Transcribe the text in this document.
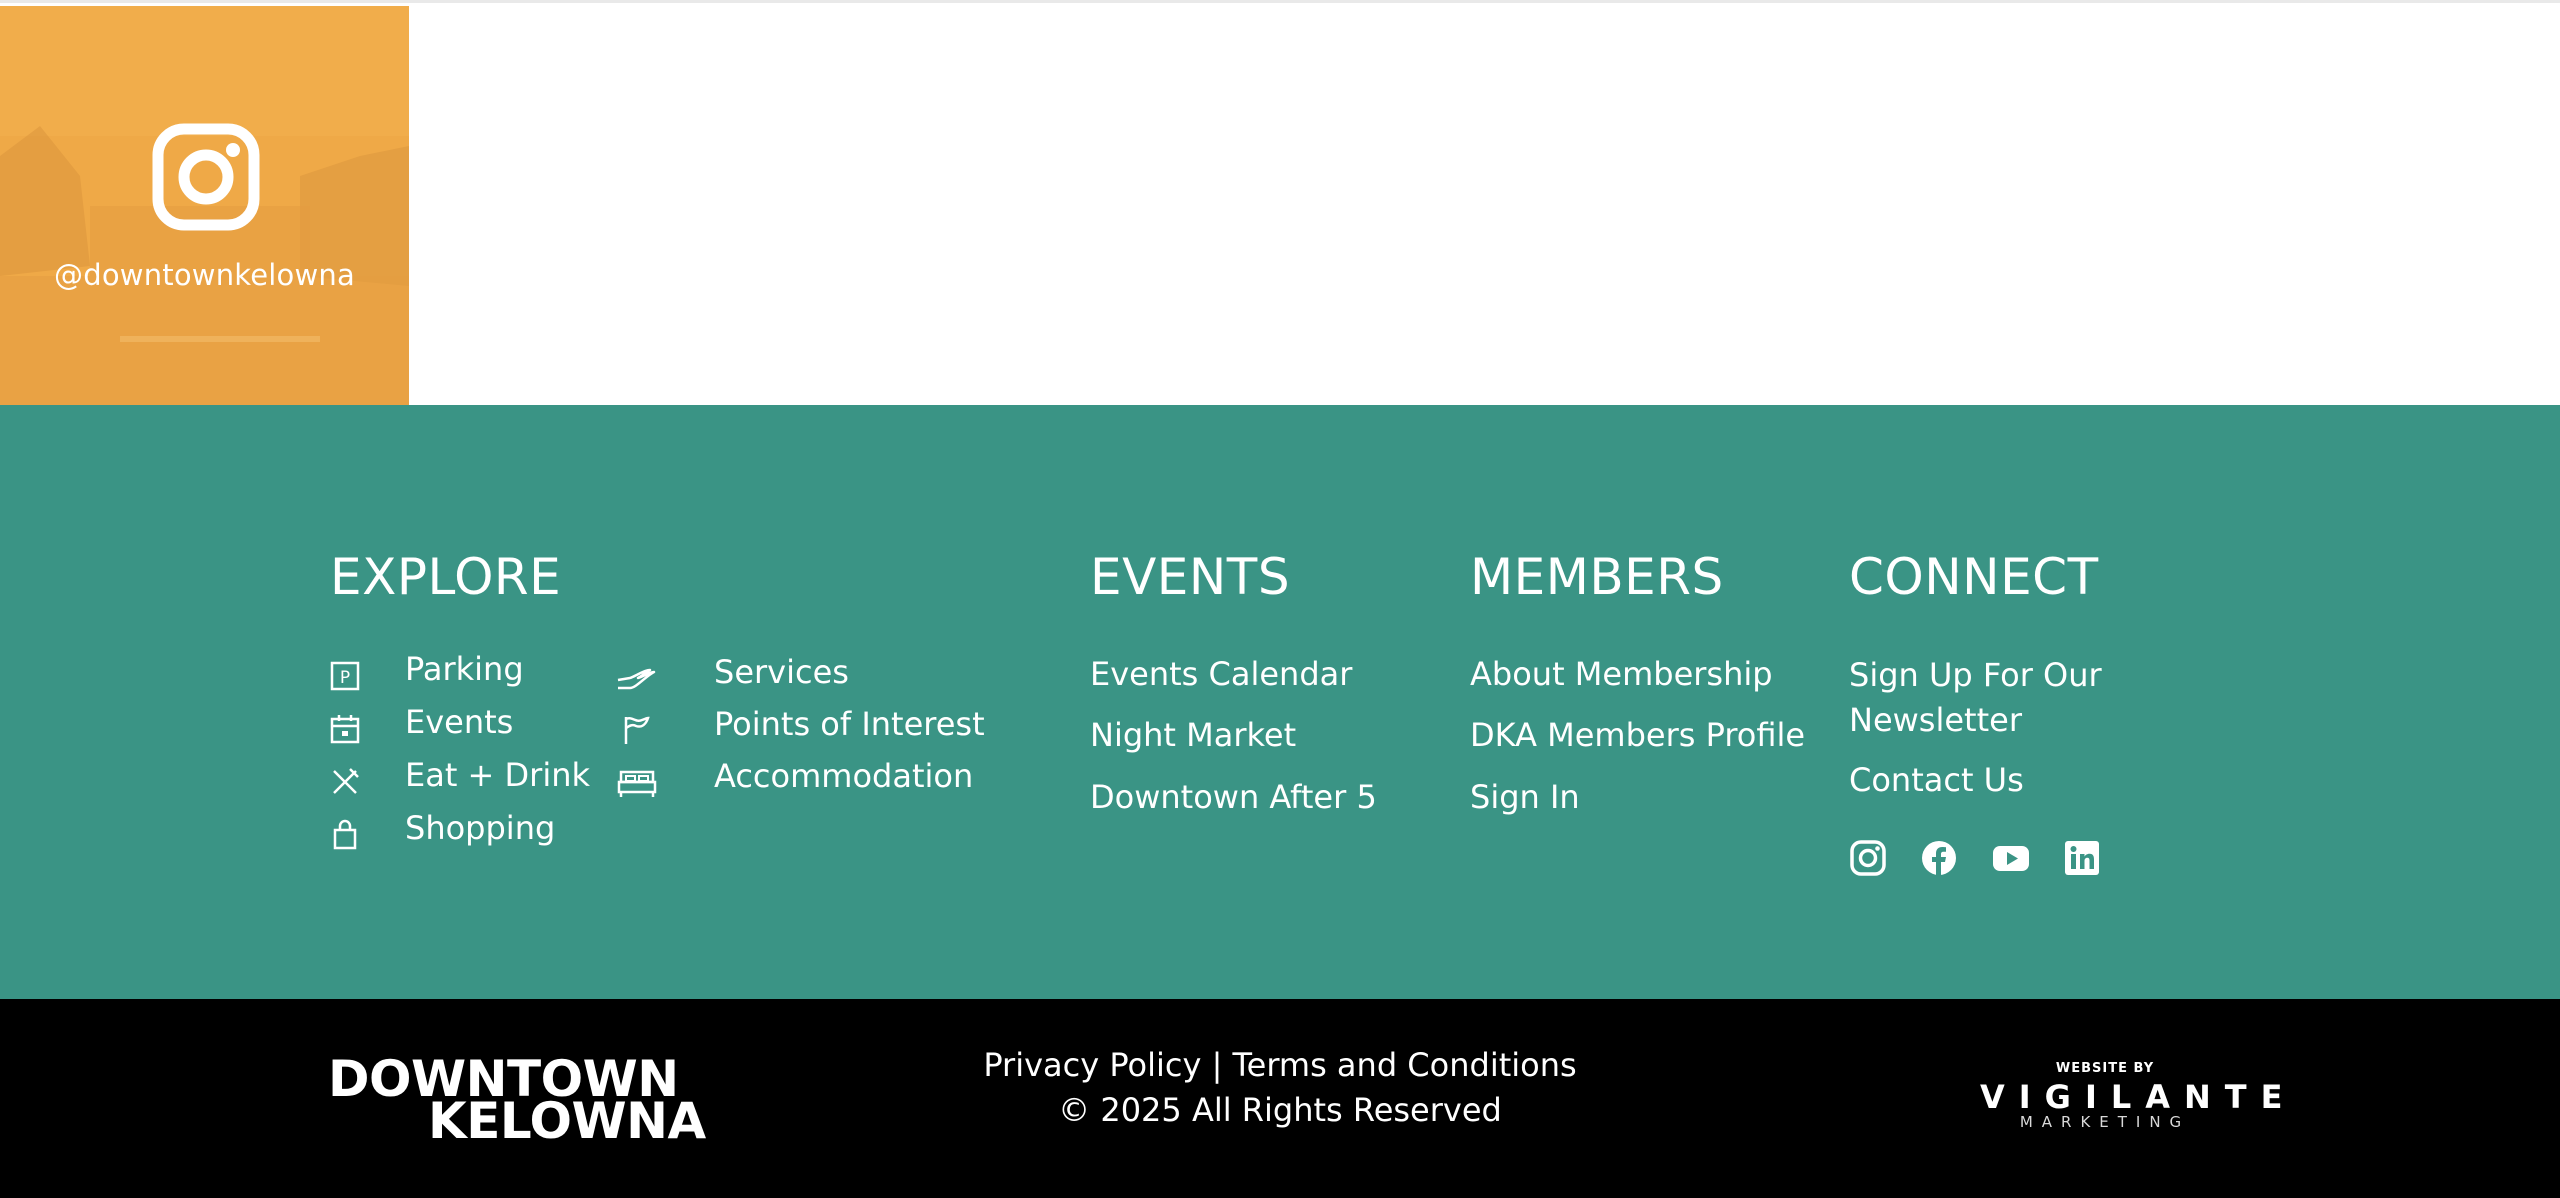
@downtownkelowna
EXPLORE
P Parking
Events
Eat + Drink
Shopping
Services
Points of Interest
Accommodation
EVENTS
Events Calendar
Night Market
Downtown After 5
MEMBERS
About Membership
DKA Members Profile
Sign In
CONNECT
Sign Up For Our Newsletter
Contact Us
DOWNTOWN
KELOWNA
Privacy Policy | Terms and Conditions
© 2025 All Rights Reserved
WEBSITE BY
VIGILANTE
MARKETING
